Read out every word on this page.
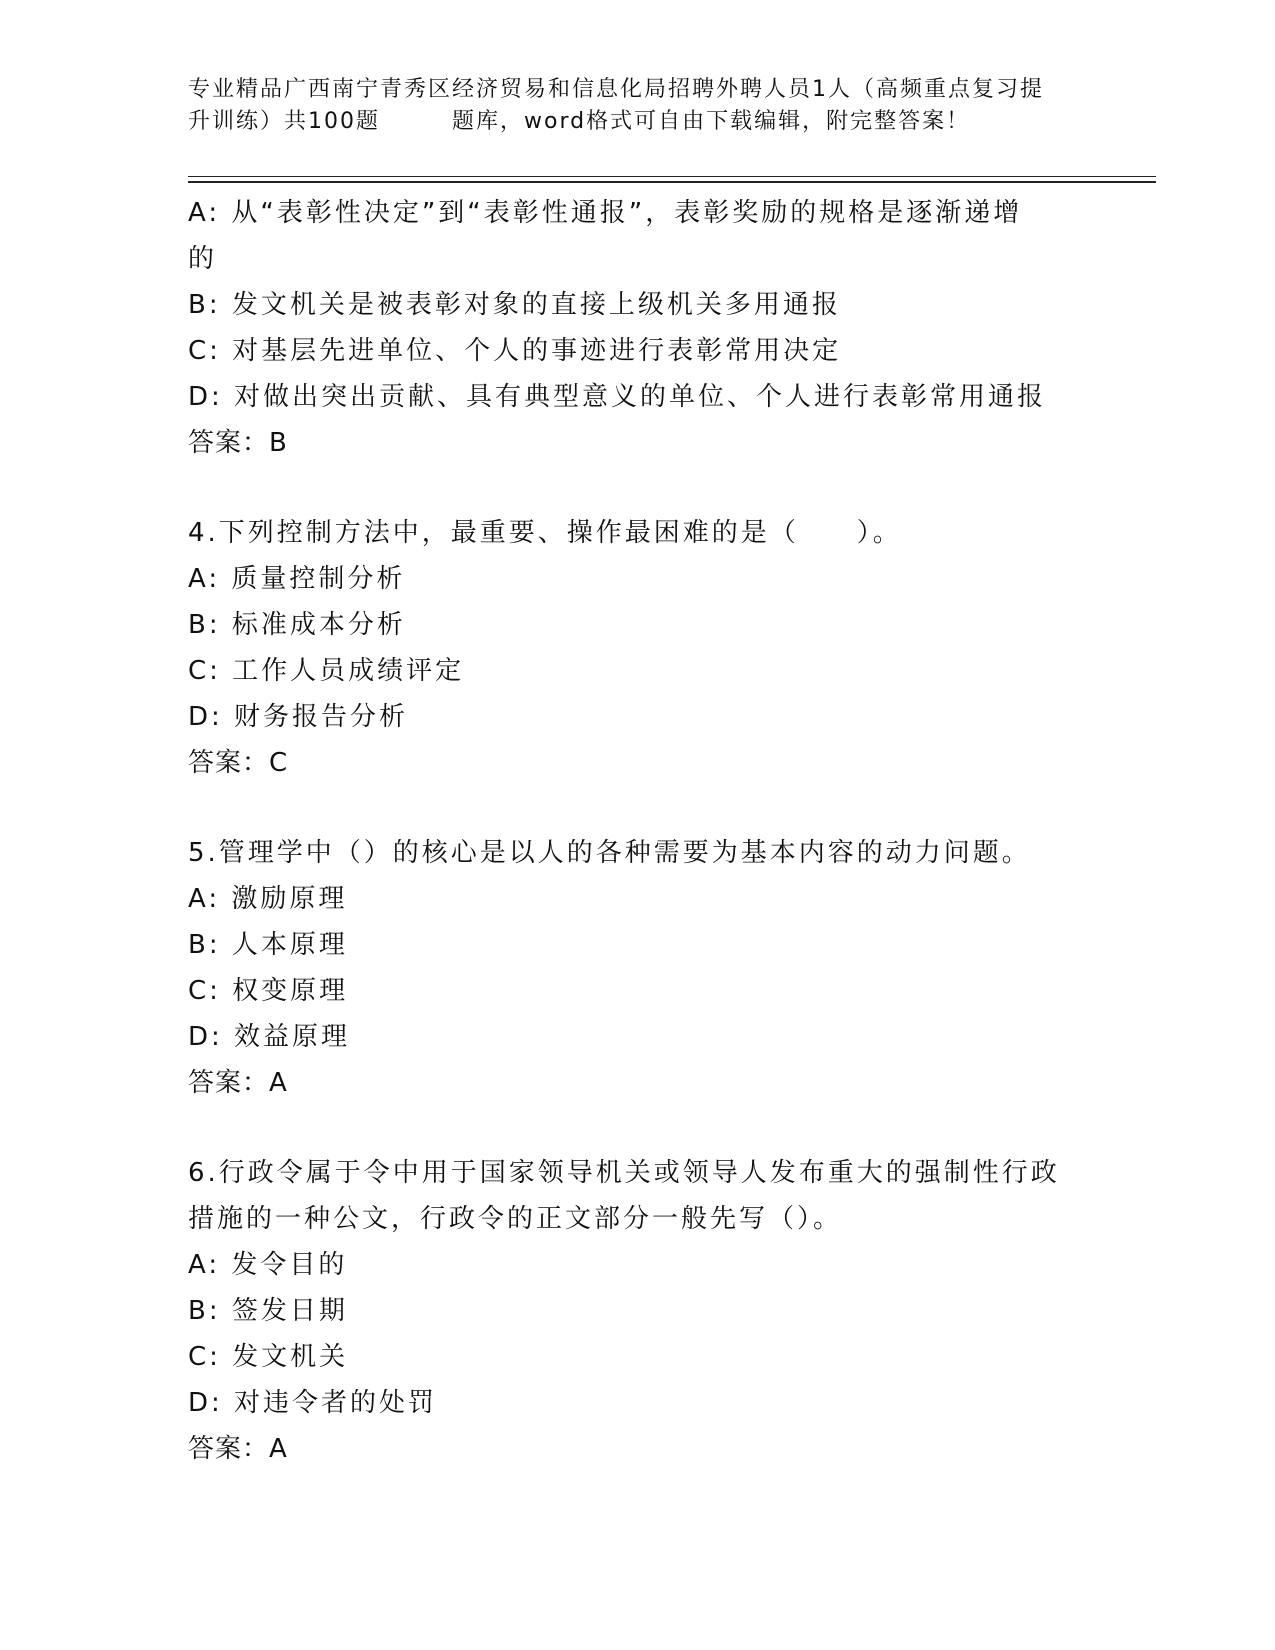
专业精品广西南宁青秀区经济贸易和信息化局招聘外聘人员1人（高频重点复习提
升训练）共100题	题库，word格式可自由下载编辑，附完整答案！
A: 从“表彰性决定”到“表彰性通报”，表彰奖励的规格是逐渐递增
的
B: 发文机关是被表彰对象的直接上级机关多用通报
C: 对基层先进单位、个人的事迹进行表彰常用决定
D: 对做出突出贡献、具有典型意义的单位、个人进行表彰常用通报
答案：B
4.下列控制方法中，最重要、操作最困难的是（　　）。
A: 质量控制分析
B: 标准成本分析
C: 工作人员成绩评定
D: 财务报告分析
答案：C
5.管理学中（）的核心是以人的各种需要为基本内容的动力问题。
A: 激励原理
B: 人本原理
C: 权变原理
D: 效益原理
答案：A
6.行政令属于令中用于国家领导机关或领导人发布重大的强制性行政
措施的一种公文，行政令的正文部分一般先写（）。
A: 发令目的
B: 签发日期
C: 发文机关
D: 对违令者的处罚
答案：A
